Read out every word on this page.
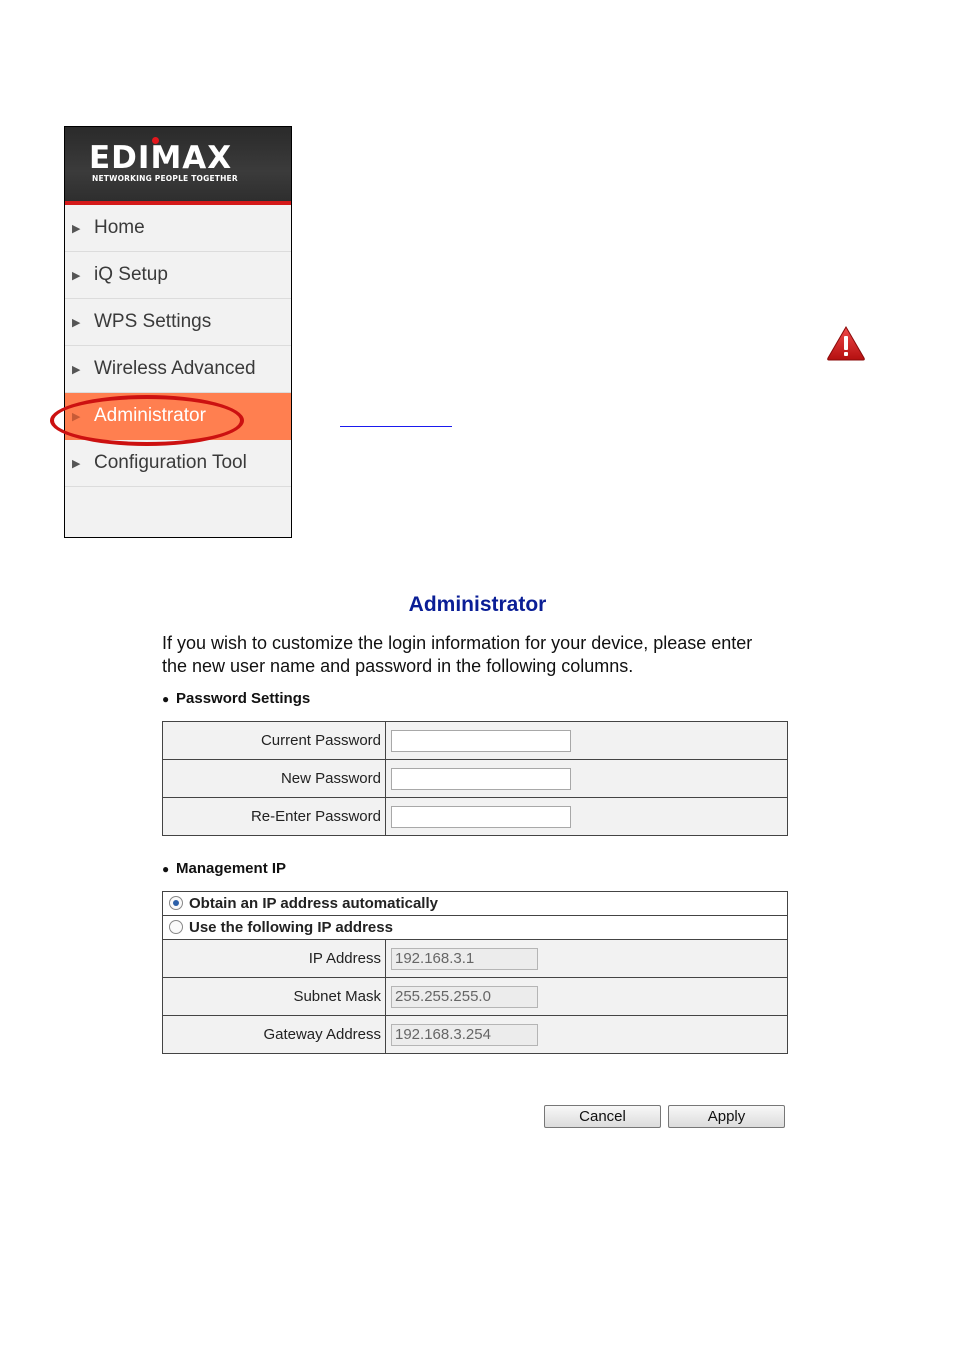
EDIMAX
NETWORKING PEOPLE TOGETHER
▶ Home
▶ iQ Setup
▶ WPS Settings
▶ Wireless Advanced
▶ Administrator
▶ Configuration Tool
Administrator
If you wish to customize the login information for your device, please enter the new user name and password in the following columns.
● Password Settings
Current Password	
New Password	
Re-Enter Password	
● Management IP
Obtain an IP address automatically	
Use the following IP address	
IP Address	192.168.3.1
Subnet Mask	255.255.255.0
Gateway Address	192.168.3.254
Cancel	Apply
